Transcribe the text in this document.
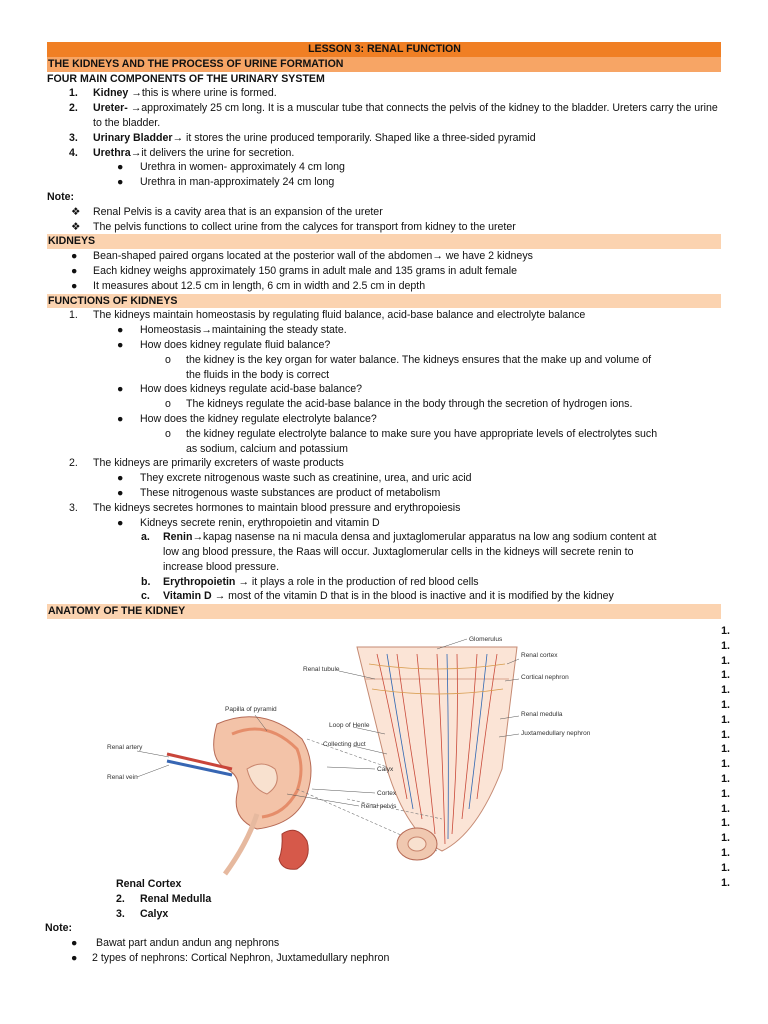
LESSON 3: RENAL FUNCTION
THE KIDNEYS AND THE PROCESS OF URINE FORMATION
FOUR MAIN COMPONENTS OF THE URINARY SYSTEM
1. Kidney →this is where urine is formed.
2. Ureter- →approximately 25 cm long. It is a muscular tube that connects the pelvis of the kidney to the bladder. Ureters carry the urine to the bladder.
3. Urinary Bladder→ it stores the urine produced temporarily. Shaped like a three-sided pyramid
4. Urethra→it delivers the urine for secretion.
● Urethra in women- approximately 4 cm long
● Urethra in man-approximately 24 cm long
Note:
❖ Renal Pelvis is a cavity area that is an expansion of the ureter
❖ The pelvis functions to collect urine from the calyces for transport from kidney to the ureter
KIDNEYS
● Bean-shaped paired organs located at the posterior wall of the abdomen→ we have 2 kidneys
● Each kidney weighs approximately 150 grams in adult male and 135 grams in adult female
● It measures about 12.5 cm in length, 6 cm in width and 2.5 cm in depth
FUNCTIONS OF KIDNEYS
1. The kidneys maintain homeostasis by regulating fluid balance, acid-base balance and electrolyte balance
● Homeostasis→maintaining the steady state.
● How does kidney regulate fluid balance?
o the kidney is the key organ for water balance. The kidneys ensures that the make up and volume of
the fluids in the body is correct
● How does kidneys regulate acid-base balance?
o The kidneys regulate the acid-base balance in the body through the secretion of hydrogen ions.
● How does the kidney regulate electrolyte balance?
o the kidney regulate electrolyte balance to make sure you have appropriate levels of electrolytes such
as sodium, calcium and potassium
2. The kidneys are primarily excreters of waste products
● They excrete nitrogenous waste such as creatinine, urea, and uric acid
● These nitrogenous waste substances are product of metabolism
3. The kidneys secretes hormones to maintain blood pressure and erythropoiesis
● Kidneys secrete renin, erythropoietin and vitamin D
a. Renin→kapag nasense na ni macula densa and juxtaglomerular apparatus na low ang sodium content at
low ang blood pressure, the Raas will occur. Juxtaglomerular cells in the kidneys will secrete renin to
increase blood pressure.
b. Erythropoietin → it plays a role in the production of red blood cells
c. Vitamin D → most of the vitamin D that is in the blood is inactive and it is modified by the kidney
ANATOMY OF THE KIDNEY
Glomerulus
Renal cortex
Cortical nephron
Renal tubule
Renal medulla
Papilla of pyramid
Loop of Henle
Juxtamedullary nephron
Collecting duct
Renal artery
Calyx
Renal vein
Cortex
Renal pelvis
Renal Cortex
2. Renal Medulla
3. Calyx
Note:
● Bawat part andun andun ang nephrons
● 2 types of nephrons: Cortical Nephron, Juxtamedullary nephron
1.
1.
1.
1.
1.
1.
1.
1.
1.
1.
1.
1.
1.
1.
1.
1.
1.
1.
